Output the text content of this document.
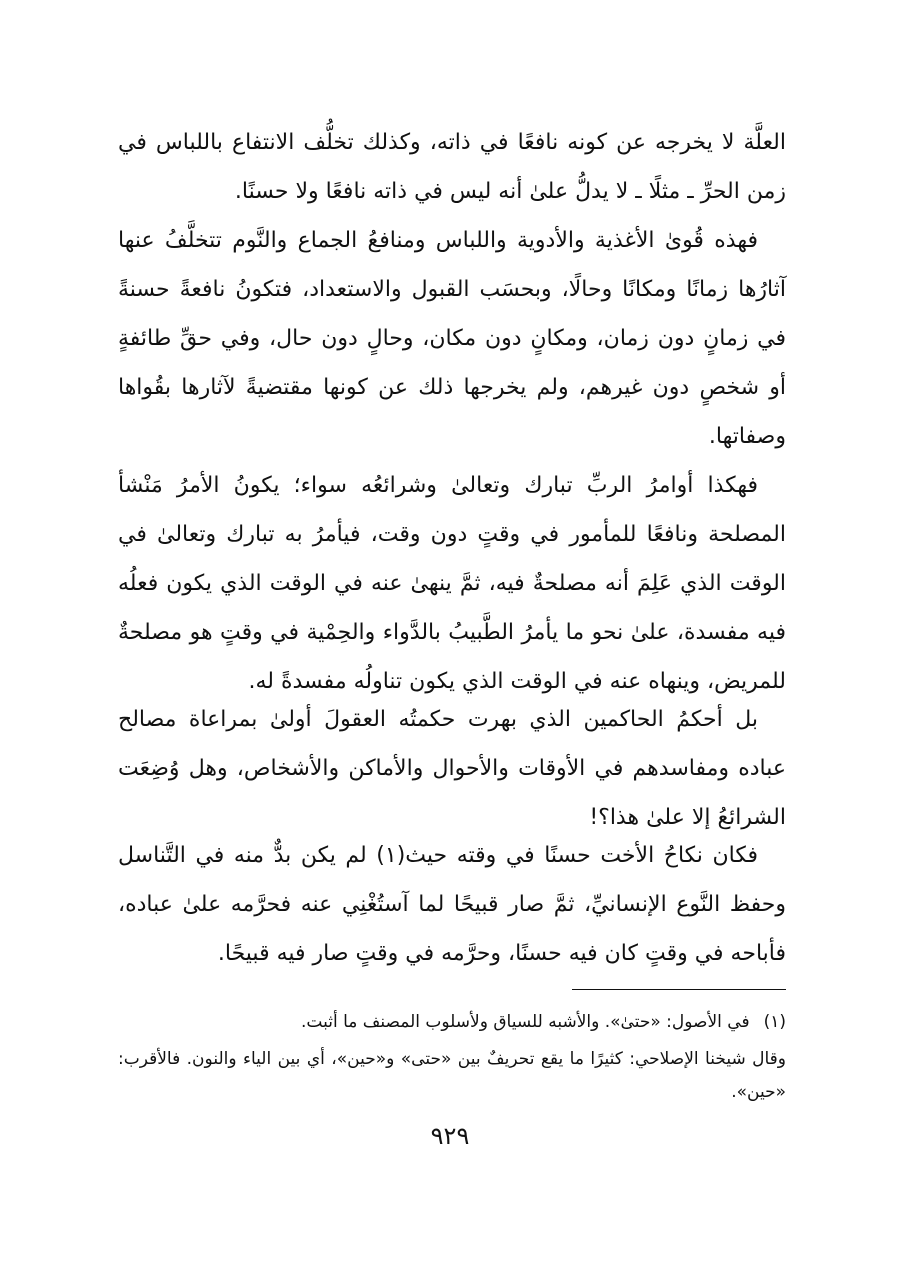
العلَّة لا يخرجه عن كونه نافعًا في ذاته، وكذلك تخلُّف الانتفاع باللباس في زمن الحرِّ ـ مثلًا ـ لا يدلُّ علىٰ أنه ليس في ذاته نافعًا ولا حسنًا.

فهذه قُوىٰ الأغذية والأدوية واللباس ومنافعُ الجماع والنَّوم تتخلَّفُ عنها آثارُها زمانًا ومكانًا وحالًا، وبحسَب القبول والاستعداد، فتكونُ نافعةً حسنةً في زمانٍ دون زمان، ومكانٍ دون مكان، وحالٍ دون حال، وفي حقِّ طائفةٍ أو شخصٍ دون غيرهم، ولم يخرجها ذلك عن كونها مقتضيةً لآثارها بقُواها وصفاتها.

فهكذا أوامرُ الربِّ تبارك وتعالىٰ وشرائعُه سواء؛ يكونُ الأمرُ مَنْشأ المصلحة ونافعًا للمأمور في وقتٍ دون وقت، فيأمرُ به تبارك وتعالىٰ في الوقت الذي عَلِمَ أنه مصلحةٌ فيه، ثمَّ ينهىٰ عنه في الوقت الذي يكون فعلُه فيه مفسدة، علىٰ نحو ما يأمرُ الطَّبيبُ بالدَّواء والحِمْية في وقتٍ هو مصلحةٌ للمريض، وينهاه عنه في الوقت الذي يكون تناولُه مفسدةً له.

بل أحكمُ الحاكمين الذي بهرت حكمتُه العقولَ أولىٰ بمراعاة مصالح عباده ومفاسدهم في الأوقات والأحوال والأماكن والأشخاص، وهل وُضِعَت الشرائعُ إلا علىٰ هذا؟!

فكان نكاحُ الأخت حسنًا في وقته حيث(١) لم يكن بدٌّ منه في التَّناسل وحفظ النَّوع الإنسانيِّ، ثمَّ صار قبيحًا لما آستُغْنِي عنه فحرَّمه علىٰ عباده، فأباحه في وقتٍ كان فيه حسنًا، وحرَّمه في وقتٍ صار فيه قبيحًا.

(١)في الأصول: «حتىٰ». والأشبه للسياق ولأسلوب المصنف ما أثبت.
وقال شيخنا الإصلاحي: كثيرًا ما يقع تحريفٌ بين «حتى» و«حين»، أي بين الياء والنون. فالأقرب: «حين».
٩٢٩
